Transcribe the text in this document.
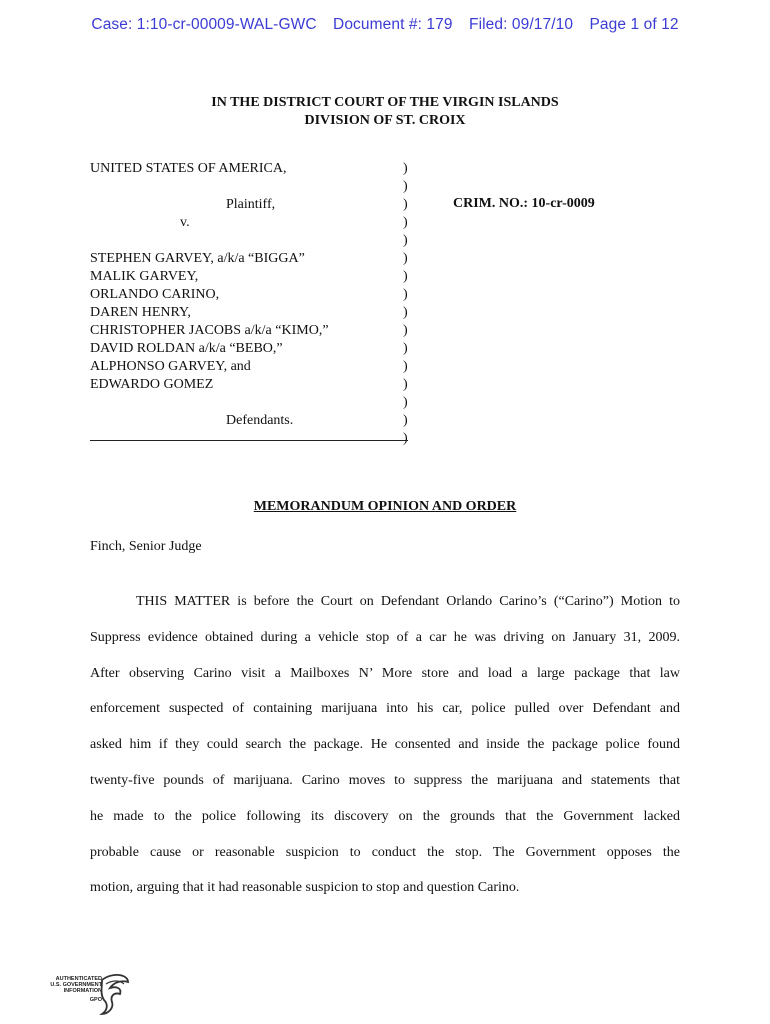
Case: 1:10-cr-00009-WAL-GWC Document #: 179 Filed: 09/17/10 Page 1 of 12
IN THE DISTRICT COURT OF THE VIRGIN ISLANDS
DIVISION OF ST. CROIX
UNITED STATES OF AMERICA,
Plaintiff,
v.
STEPHEN GARVEY, a/k/a “BIGGA”
MALIK GARVEY,
ORLANDO CARINO,
DAREN HENRY,
CHRISTOPHER JACOBS a/k/a “KIMO,”
DAVID ROLDAN a/k/a “BEBO,”
ALPHONSO GARVEY, and
EDWARDO GOMEZ
Defendants.
)
)
)
)
)
)
)
)
)
)
)
)
)
)
)
)
CRIM. NO.: 10-cr-0009
MEMORANDUM OPINION AND ORDER
Finch, Senior Judge
THIS MATTER is before the Court on Defendant Orlando Carino’s (“Carino”) Motion to
Suppress evidence obtained during a vehicle stop of a car he was driving on January 31, 2009.
After observing Carino visit a Mailboxes N’ More store and load a large package that law
enforcement suspected of containing marijuana into his car, police pulled over Defendant and
asked him if they could search the package. He consented and inside the package police found
twenty-five pounds of marijuana. Carino moves to suppress the marijuana and statements that
he made to the police following its discovery on the grounds that the Government lacked
probable cause or reasonable suspicion to conduct the stop. The Government opposes the
motion, arguing that it had reasonable suspicion to stop and question Carino.
AUTHENTICATED
U.S. GOVERNMENT
INFORMATION
GPO
